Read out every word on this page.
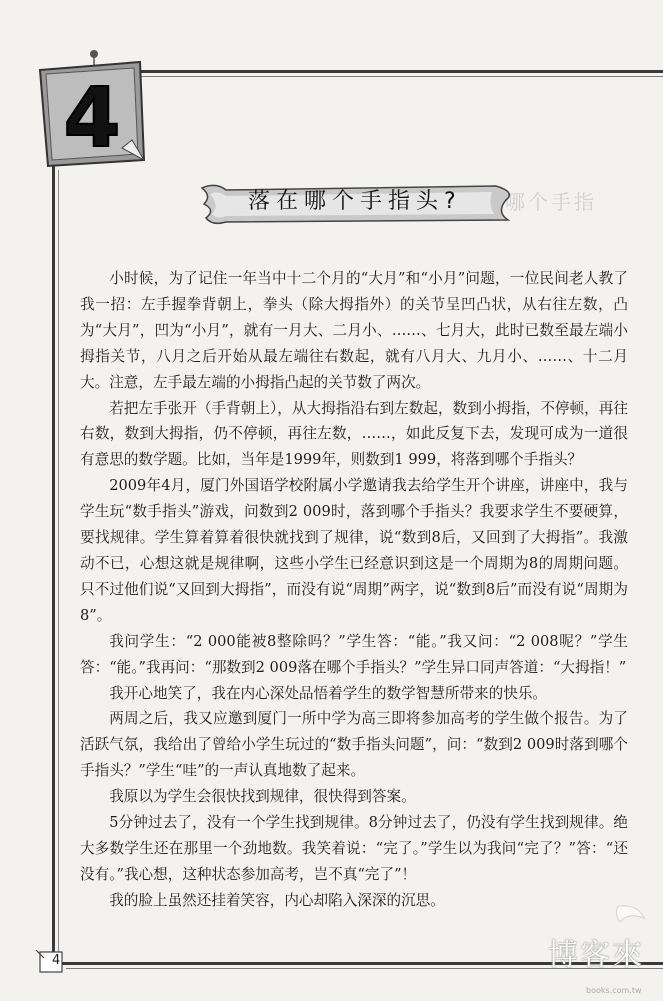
4
哪个手指
落在哪个手指头?

小时候，为了记住一年当中十二个月的“大月”和“小月”问题，一位民间老人教了我一招：左手握拳背朝上，拳头（除大拇指外）的关节呈凹凸状，从右往左数，凸为“大月”，凹为“小月”，就有一月大、二月小、……、七月大，此时已数至最左端小拇指关节，八月之后开始从最左端往右数起，就有八月大、九月小、……、十二月大。注意，左手最左端的小拇指凸起的关节数了两次。

若把左手张开（手背朝上），从大拇指沿右到左数起，数到小拇指，不停顿，再往右数，数到大拇指，仍不停顿，再往左数，……，如此反复下去，发现可成为一道很有意思的数学题。比如，当年是1999年，则数到1 999，将落到哪个手指头？

2009年4月，厦门外国语学校附属小学邀请我去给学生开个讲座，讲座中，我与学生玩“数手指头”游戏，问数到2 009时，落到哪个手指头？我要求学生不要硬算，要找规律。学生算着算着很快就找到了规律，说“数到8后，又回到了大拇指”。我激动不已，心想这就是规律啊，这些小学生已经意识到这是一个周期为8的周期问题。只不过他们说“又回到大拇指”，而没有说“周期”两字，说“数到8后”而没有说“周期为8”。

我问学生：“2 000能被8整除吗？”学生答：“能。”我又问：“2 008呢？”学生答：“能。”我再问：“那数到2 009落在哪个手指头？”学生异口同声答道：“大拇指！”

我开心地笑了，我在内心深处品悟着学生的数学智慧所带来的快乐。

两周之后，我又应邀到厦门一所中学为高三即将参加高考的学生做个报告。为了活跃气氛，我给出了曾给小学生玩过的“数手指头问题”，问：“数到2 009时落到哪个手指头？”学生“哇”的一声认真地数了起来。

我原以为学生会很快找到规律，很快得到答案。

5分钟过去了，没有一个学生找到规律。8分钟过去了，仍没有学生找到规律。绝大多数学生还在那里一个劲地数。我笑着说：“完了。”学生以为我问“完了？”答：“还没有。”我心想，这种状态参加高考，岂不真“完了”！

我的脸上虽然还挂着笑容，内心却陷入深深的沉思。

4	博客來
books.com.tw
